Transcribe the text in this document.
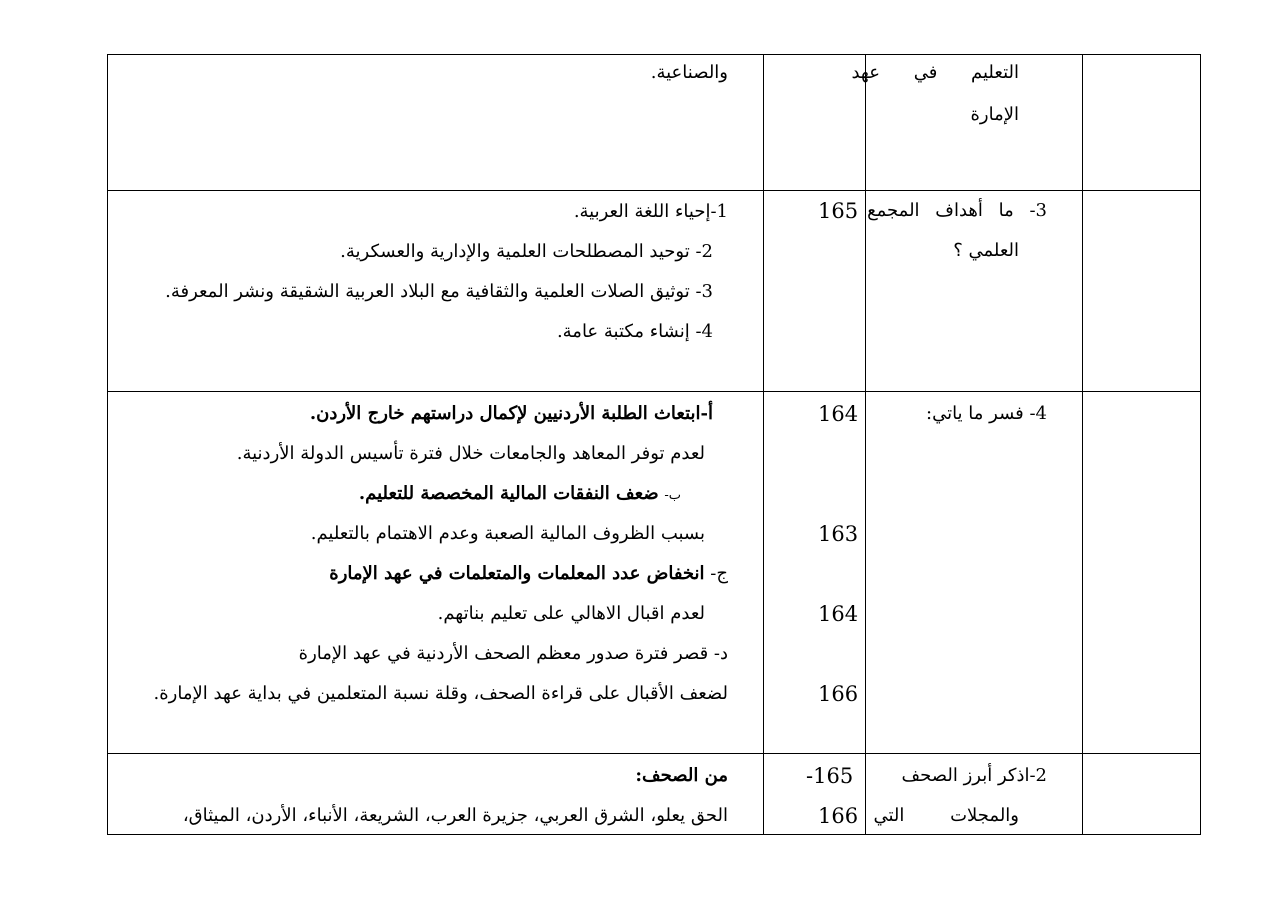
التعليم في عهد
الإمارة
والصناعية.
3- ما أهداف المجمع
العلمي ؟
165
1-إحياء اللغة العربية.
2- توحيد المصطلحات العلمية والإدارية والعسكرية.
3- توثيق الصلات العلمية والثقافية مع البلاد العربية الشقيقة ونشر المعرفة.
4- إنشاء مكتبة عامة.
4- فسر ما ياتي:
164
163
164
166
أ-ابتعاث الطلبة الأردنيين لإكمال دراستهم خارج الأردن.
لعدم توفر المعاهد والجامعات خلال فترة تأسيس الدولة الأردنية.
ب- ضعف النفقات المالية المخصصة للتعليم.
بسبب الظروف المالية الصعبة وعدم الاهتمام بالتعليم.
ج- انخفاض عدد المعلمات والمتعلمات في عهد الإمارة
لعدم اقبال الاهالي على تعليم بناتهم.
د- قصر فترة صدور معظم الصحف الأردنية في عهد الإمارة
لضعف الأقبال على قراءة الصحف، وقلة نسبة المتعلمين في بداية عهد الإمارة.
2-اذكر أبرز الصحف
والمجلات التي
-165
166
من الصحف:
الحق يعلو، الشرق العربي، جزيرة العرب، الشريعة، الأنباء، الأردن، الميثاق،
